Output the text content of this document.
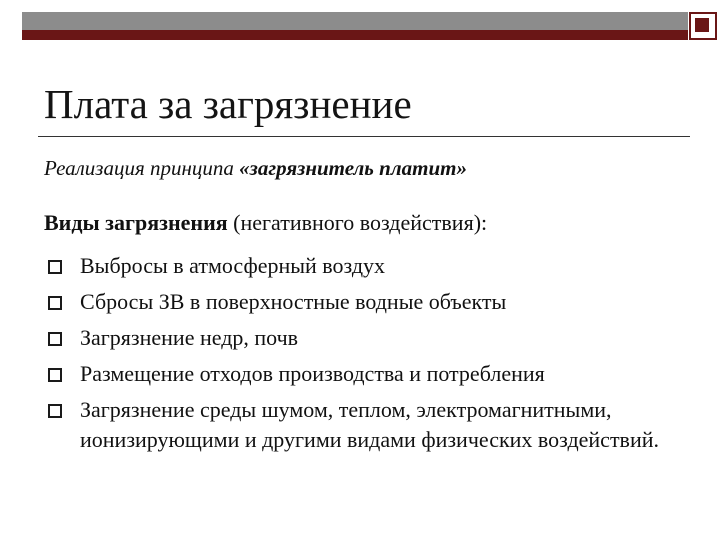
Плата за загрязнение

Реализация принципа «загрязнитель платит»

Виды загрязнения (негативного воздействия):

Выбросы в атмосферный воздух
Сбросы ЗВ в поверхностные водные объекты
Загрязнение недр, почв
Размещение отходов производства и потребления
Загрязнение среды шумом, теплом, электромагнитными, ионизирующими и другими видами физических воздействий.
